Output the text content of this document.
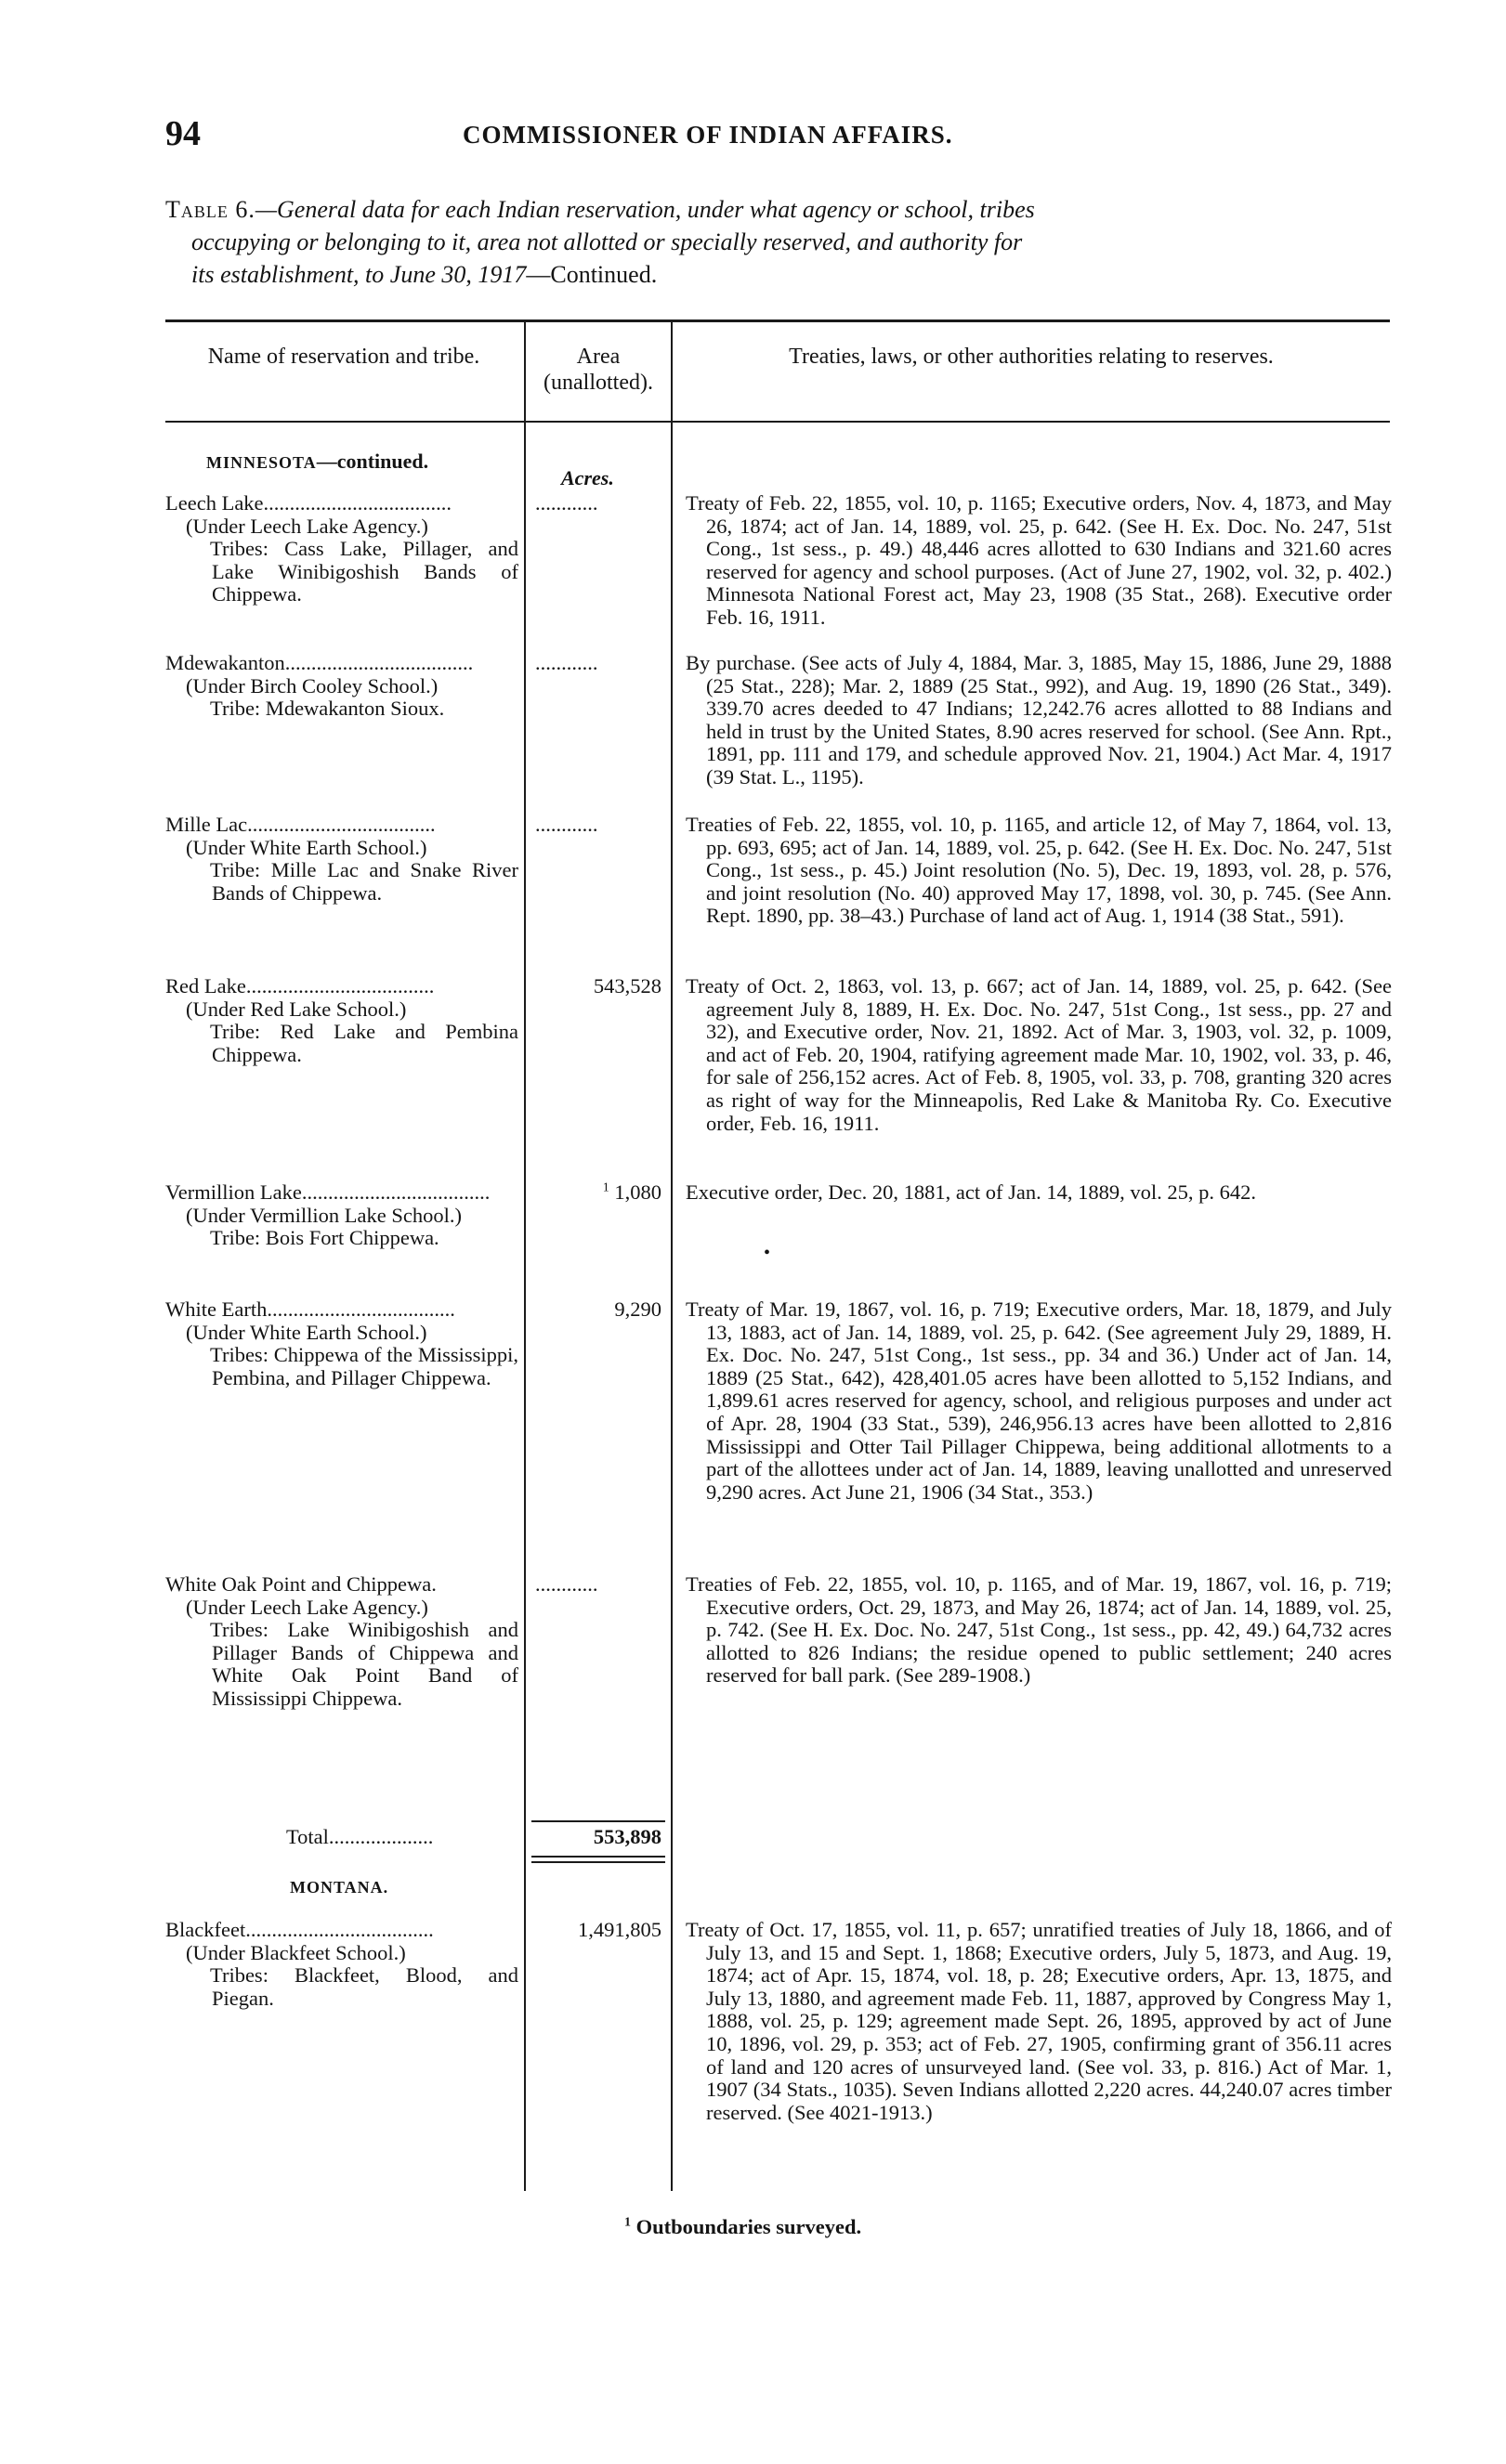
94	COMMISSIONER OF INDIAN AFFAIRS.
Table 6.—General data for each Indian reservation, under what agency or school, tribes
occupying or belonging to it, area not allotted or specially reserved, and authority for
its establishment, to June 30, 1917—Continued.
Name of reservation and tribe.	Area (unallotted).
Treaties, laws, or other authorities relating to reserves.
MINNESOTA—continued.
Acres.
Leech Lake ....................................
(Under Leech Lake Agency.)
Tribes: Cass Lake, Pillager, and Lake Winibigoshish Bands of Chippewa.
............	Treaty of Feb. 22, 1855, vol. 10, p. 1165; Executive orders, Nov. 4, 1873, and May 26, 1874; act of Jan. 14, 1889, vol. 25, p. 642. (See H. Ex. Doc. No. 247, 51st Cong., 1st sess., p. 49.) 48,446 acres allotted to 630 Indians and 321.60 acres reserved for agency and school purposes. (Act of June 27, 1902, vol. 32, p. 402.) Minnesota National Forest act, May 23, 1908 (35 Stat., 268). Executive order Feb. 16, 1911.
Mdewakanton ....................................
(Under Birch Cooley School.)
Tribe: Mdewakanton Sioux.
............	By purchase. (See acts of July 4, 1884, Mar. 3, 1885, May 15, 1886, June 29, 1888 (25 Stat., 228); Mar. 2, 1889 (25 Stat., 992), and Aug. 19, 1890 (26 Stat., 349). 339.70 acres deeded to 47 Indians; 12,242.76 acres allotted to 88 Indians and held in trust by the United States, 8.90 acres reserved for school. (See Ann. Rpt., 1891, pp. 111 and 179, and schedule approved Nov. 21, 1904.) Act Mar. 4, 1917 (39 Stat. L., 1195).
Mille Lac ....................................
(Under White Earth School.)
Tribe: Mille Lac and Snake River Bands of Chippewa.
............	Treaties of Feb. 22, 1855, vol. 10, p. 1165, and article 12, of May 7, 1864, vol. 13, pp. 693, 695; act of Jan. 14, 1889, vol. 25, p. 642. (See H. Ex. Doc. No. 247, 51st Cong., 1st sess., p. 45.) Joint resolution (No. 5), Dec. 19, 1893, vol. 28, p. 576, and joint resolution (No. 40) approved May 17, 1898, vol. 30, p. 745. (See Ann. Rept. 1890, pp. 38–43.) Purchase of land act of Aug. 1, 1914 (38 Stat., 591).
Red Lake ....................................
(Under Red Lake School.)
Tribe: Red Lake and Pembina Chippewa.
543,528 Treaty of Oct. 2, 1863, vol. 13, p. 667; act of Jan. 14, 1889, vol. 25, p. 642. (See agreement July 8, 1889, H. Ex. Doc. No. 247, 51st Cong., 1st sess., pp. 27 and 32), and Executive order, Nov. 21, 1892. Act of Mar. 3, 1903, vol. 32, p. 1009, and act of Feb. 20, 1904, ratifying agreement made Mar. 10, 1902, vol. 33, p. 46, for sale of 256,152 acres. Act of Feb. 8, 1905, vol. 33, p. 708, granting 320 acres as right of way for the Minneapolis, Red Lake & Manitoba Ry. Co. Executive order, Feb. 16, 1911.
Vermillion Lake ....................................
(Under Vermillion Lake School.)
Tribe: Bois Fort Chippewa.
$^1$ 1,080 Executive order, Dec. 20, 1881, act of Jan. 14, 1889, vol. 25, p. 642.
•
White Earth ....................................
(Under White Earth School.)
Tribes: Chippewa of the Mississippi, Pembina, and Pillager Chippewa.
9,290 Treaty of Mar. 19, 1867, vol. 16, p. 719; Executive orders, Mar. 18, 1879, and July 13, 1883, act of Jan. 14, 1889, vol. 25, p. 642. (See agreement July 29, 1889, H. Ex. Doc. No. 247, 51st Cong., 1st sess., pp. 34 and 36.) Under act of Jan. 14, 1889 (25 Stat., 642), 428,401.05 acres have been allotted to 5,152 Indians, and 1,899.61 acres reserved for agency, school, and religious purposes and under act of Apr. 28, 1904 (33 Stat., 539), 246,956.13 acres have been allotted to 2,816 Mississippi and Otter Tail Pillager Chippewa, being additional allotments to a part of the allottees under act of Jan. 14, 1889, leaving unallotted and unreserved 9,290 acres. Act June 21, 1906 (34 Stat., 353.)
White Oak Point and Chippewa.
(Under Leech Lake Agency.)
Tribes: Lake Winibigoshish and Pillager Bands of Chippewa and White Oak Point Band of Mississippi Chippewa.
............	Treaties of Feb. 22, 1855, vol. 10, p. 1165, and of Mar. 19, 1867, vol. 16, p. 719; Executive orders, Oct. 29, 1873, and May 26, 1874; act of Jan. 14, 1889, vol. 25, p. 742. (See H. Ex. Doc. No. 247, 51st Cong., 1st sess., pp. 42, 49.) 64,732 acres allotted to 826 Indians; the residue opened to public settlement; 240 acres reserved for ball park. (See 289-1908.)
Total ....................	553,898
MONTANA.
Blackfeet ....................................
(Under Blackfeet School.)
Tribes: Blackfeet, Blood, and Piegan.
1,491,805 Treaty of Oct. 17, 1855, vol. 11, p. 657; unratified treaties of July 18, 1866, and of July 13, and 15 and Sept. 1, 1868; Executive orders, July 5, 1873, and Aug. 19, 1874; act of Apr. 15, 1874, vol. 18, p. 28; Executive orders, Apr. 13, 1875, and July 13, 1880, and agreement made Feb. 11, 1887, approved by Congress May 1, 1888, vol. 25, p. 129; agreement made Sept. 26, 1895, approved by act of June 10, 1896, vol. 29, p. 353; act of Feb. 27, 1905, confirming grant of 356.11 acres of land and 120 acres of unsurveyed land. (See vol. 33, p. 816.) Act of Mar. 1, 1907 (34 Stats., 1035). Seven Indians allotted 2,220 acres. 44,240.07 acres timber reserved. (See 4021-1913.)
$^1$ Outboundaries surveyed.
